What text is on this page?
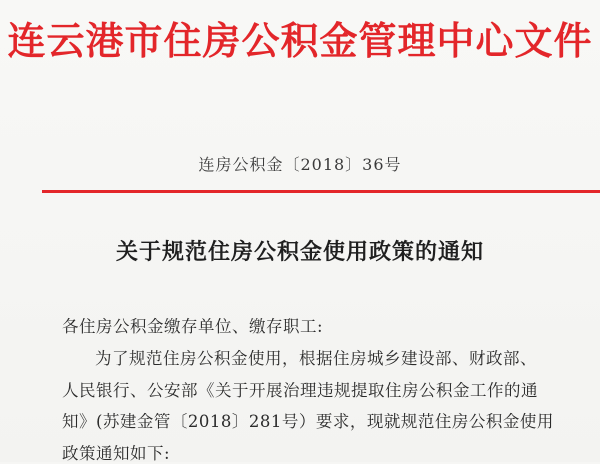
连云港市住房公积金管理中心文件
连房公积金〔2018〕36号
关于规范住房公积金使用政策的通知
各住房公积金缴存单位、缴存职工:
为了规范住房公积金使用，根据住房城乡建设部、财政部、
人民银行、公安部《关于开展治理违规提取住房公积金工作的通
知》(苏建金管〔2018〕281号）要求，现就规范住房公积金使用
政策通知如下:
